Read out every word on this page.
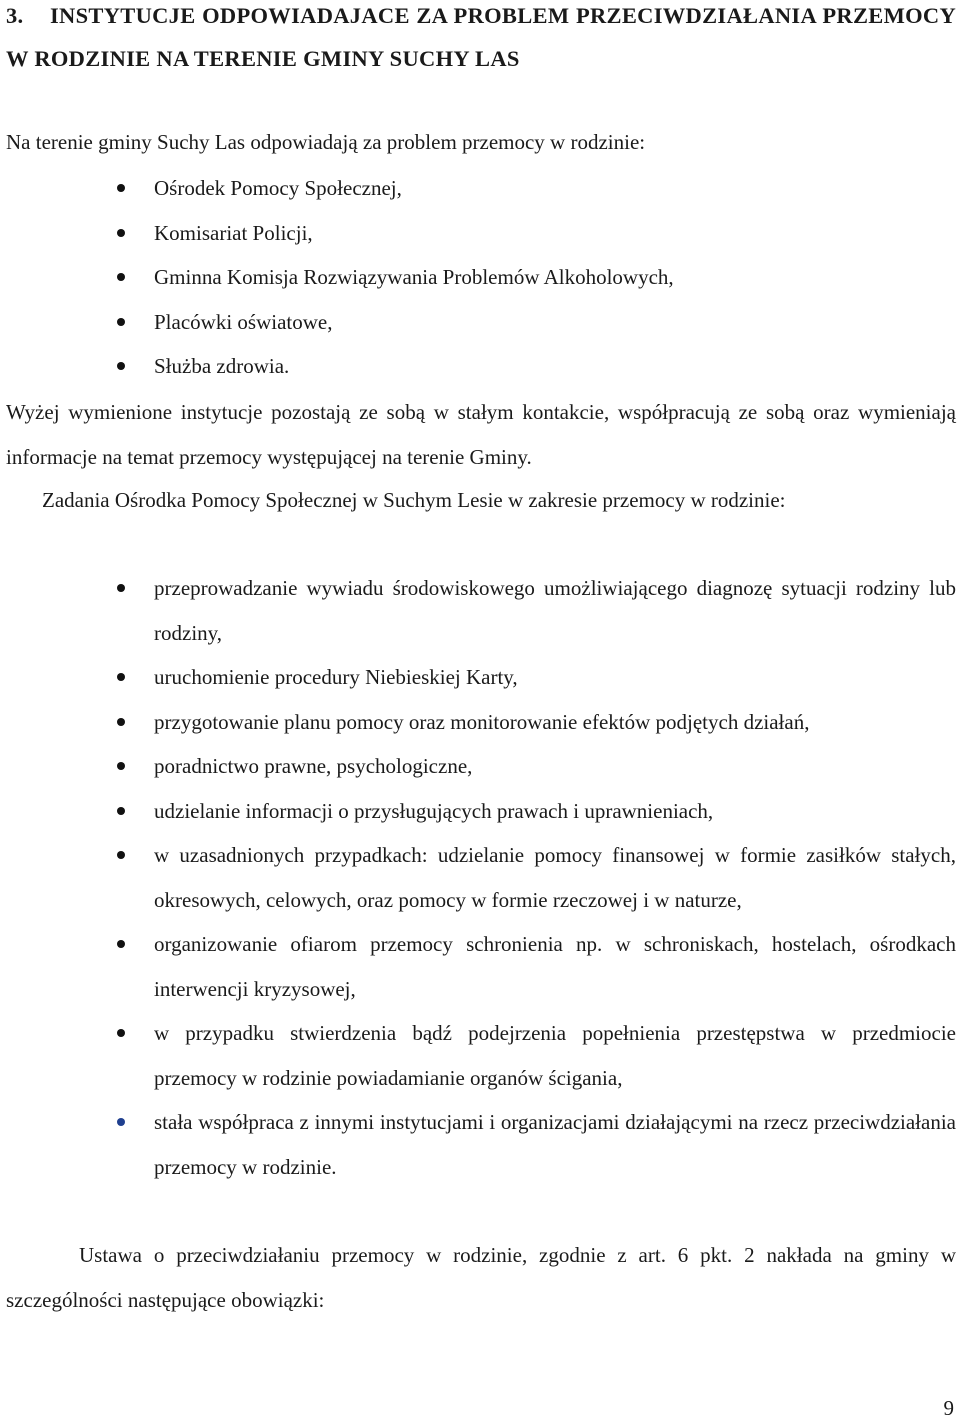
3. INSTYTUCJE ODPOWIADAJACE ZA PROBLEM PRZECIWDZIAŁANIA PRZEMOCY W RODZINIE NA TERENIE GMINY SUCHY LAS

Na terenie gminy Suchy Las odpowiadają za problem przemocy w rodzinie:

Ośrodek Pomocy Społecznej,
Komisariat Policji,
Gminna Komisja Rozwiązywania Problemów Alkoholowych,
Placówki oświatowe,
Służba zdrowia.

Wyżej wymienione instytucje pozostają ze sobą w stałym kontakcie, współpracują ze sobą oraz wymieniają informacje na temat przemocy występującej na terenie Gminy.

Zadania Ośrodka Pomocy Społecznej w Suchym Lesie w zakresie przemocy w rodzinie:

przeprowadzanie wywiadu środowiskowego umożliwiającego diagnozę sytuacji rodziny lub rodziny,
uruchomienie procedury Niebieskiej Karty,
przygotowanie planu pomocy oraz monitorowanie efektów podjętych działań,
poradnictwo prawne, psychologiczne,
udzielanie informacji o przysługujących prawach i uprawnieniach,
w uzasadnionych przypadkach: udzielanie pomocy finansowej w formie zasiłków stałych, okresowych, celowych, oraz pomocy w formie rzeczowej i w naturze,
organizowanie ofiarom przemocy schronienia np. w schroniskach, hostelach, ośrodkach interwencji kryzysowej,
w przypadku stwierdzenia bądź podejrzenia popełnienia przestępstwa w przedmiocie przemocy w rodzinie powiadamianie organów ścigania,
stała współpraca z innymi instytucjami i organizacjami działającymi na rzecz przeciwdziałania przemocy w rodzinie.

Ustawa o przeciwdziałaniu przemocy w rodzinie, zgodnie z art. 6 pkt. 2 nakłada na gminy w szczególności następujące obowiązki:

9
